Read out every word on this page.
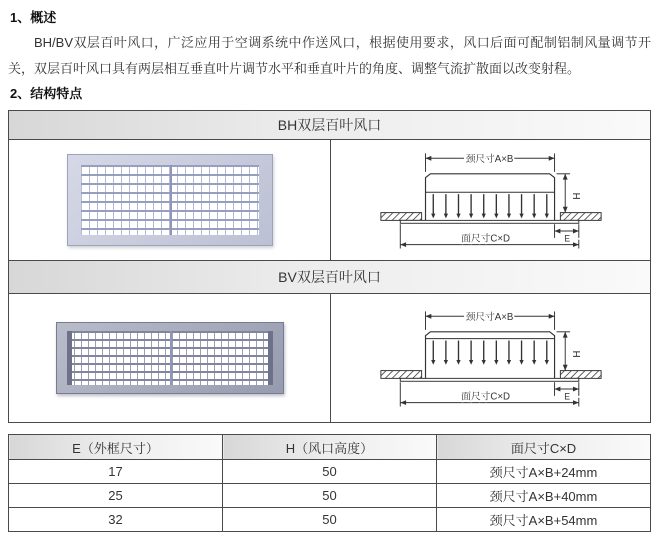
1、概述

BH/BV双层百叶风口，广泛应用于空调系统中作送风口，根据使用要求，风口后面可配制铝制风量调节开关，双层百叶风口具有两层相互垂直叶片调节水平和垂直叶片的角度、调整气流扩散面以改变射程。

2、结构特点
BH双层百叶风口
颈尺寸A×B
H
E
面尺寸C×D
BV双层百叶风口
颈尺寸A×B
H
E
面尺寸C×D
E（外框尺寸）	H（风口高度）	面尺寸C×D
17	50	颈尺寸A×B+24mm
25	50	颈尺寸A×B+40mm
32	50	颈尺寸A×B+54mm
